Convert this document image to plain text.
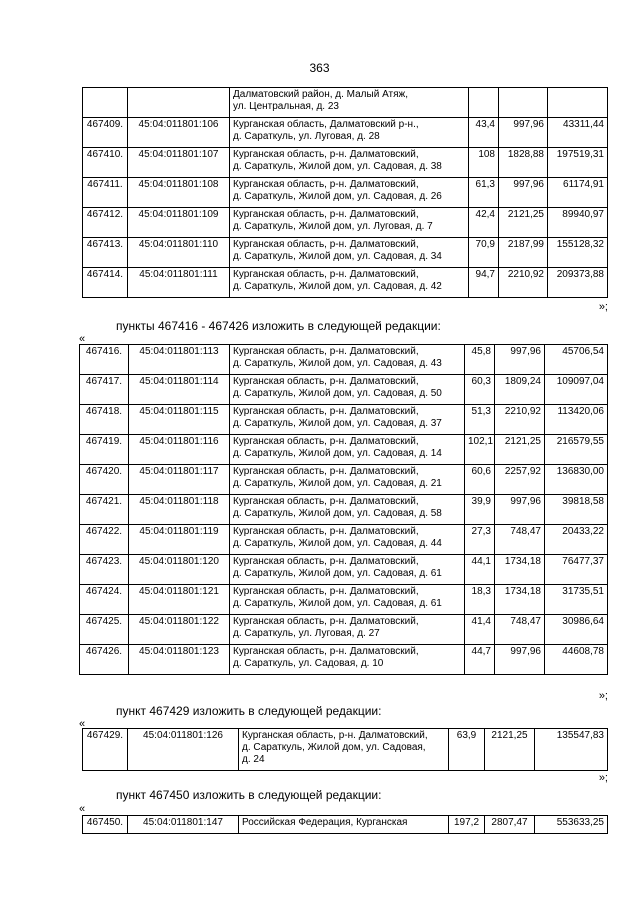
363

		Далматовский район, д. Малый Атяж,
ул. Центральная, д. 23			

467409.	45:04:011801:106	Курганская область, Далматовский р-н.,
д. Сараткуль, ул. Луговая, д. 28	43,4	997,96	43311,44
467410.	45:04:011801:107	Курганская область, р-н. Далматовский,
д. Сараткуль, Жилой дом, ул. Садовая, д. 38	108	1828,88	197519,31
467411.	45:04:011801:108	Курганская область, р-н. Далматовский,
д. Сараткуль, Жилой дом, ул. Садовая, д. 26	61,3	997,96	61174,91
467412.	45:04:011801:109	Курганская область, р-н. Далматовский,
д. Сараткуль, Жилой дом, ул. Луговая, д. 7	42,4	2121,25	89940,97
467413.	45:04:011801:110	Курганская область, р-н. Далматовский,
д. Сараткуль, Жилой дом, ул. Садовая, д. 34	70,9	2187,99	155128,32
467414.	45:04:011801:111	Курганская область, р-н. Далматовский,
д. Сараткуль, Жилой дом, ул. Садовая, д. 42	94,7	2210,92	209373,88
»;
пункты 467416 - 467426 изложить в следующей редакции:
«
467416.	45:04:011801:113	Курганская область, р-н. Далматовский,
д. Сараткуль, Жилой дом, ул. Садовая, д. 43	45,8	997,96	45706,54
467417.	45:04:011801:114	Курганская область, р-н. Далматовский,
д. Сараткуль, Жилой дом, ул. Садовая, д. 50	60,3	1809,24	109097,04
467418.	45:04:011801:115	Курганская область, р-н. Далматовский,
д. Сараткуль, Жилой дом, ул. Садовая, д. 37	51,3	2210,92	113420,06
467419.	45:04:011801:116	Курганская область, р-н. Далматовский,
д. Сараткуль, Жилой дом, ул. Садовая, д. 14	102,1	2121,25	216579,55
467420.	45:04:011801:117	Курганская область, р-н. Далматовский,
д. Сараткуль, Жилой дом, ул. Садовая, д. 21	60,6	2257,92	136830,00
467421.	45:04:011801:118	Курганская область, р-н. Далматовский,
д. Сараткуль, Жилой дом, ул. Садовая, д. 58	39,9	997,96	39818,58
467422.	45:04:011801:119	Курганская область, р-н. Далматовский,
д. Сараткуль, Жилой дом, ул. Садовая, д. 44	27,3	748,47	20433,22
467423.	45:04:011801:120	Курганская область, р-н. Далматовский,
д. Сараткуль, Жилой дом, ул. Садовая, д. 61	44,1	1734,18	76477,37
467424.	45:04:011801:121	Курганская область, р-н. Далматовский,
д. Сараткуль, Жилой дом, ул. Садовая, д. 61	18,3	1734,18	31735,51
467425.	45:04:011801:122	Курганская область, р-н. Далматовский,
д. Сараткуль, ул. Луговая, д. 27	41,4	748,47	30986,64
467426.	45:04:011801:123	Курганская область, р-н. Далматовский,
д. Сараткуль, ул. Садовая, д. 10	44,7	997,96	44608,78
»;
пункт 467429 изложить в следующей редакции:
«
467429.	45:04:011801:126	Курганская область, р-н. Далматовский,
д. Сараткуль, Жилой дом, ул. Садовая,
д. 24
	63,9	2121,25	135547,83
»;
пункт 467450 изложить в следующей редакции:
«
467450.	45:04:011801:147	Российская Федерация, Курганская	197,2	2807,47	553633,25
